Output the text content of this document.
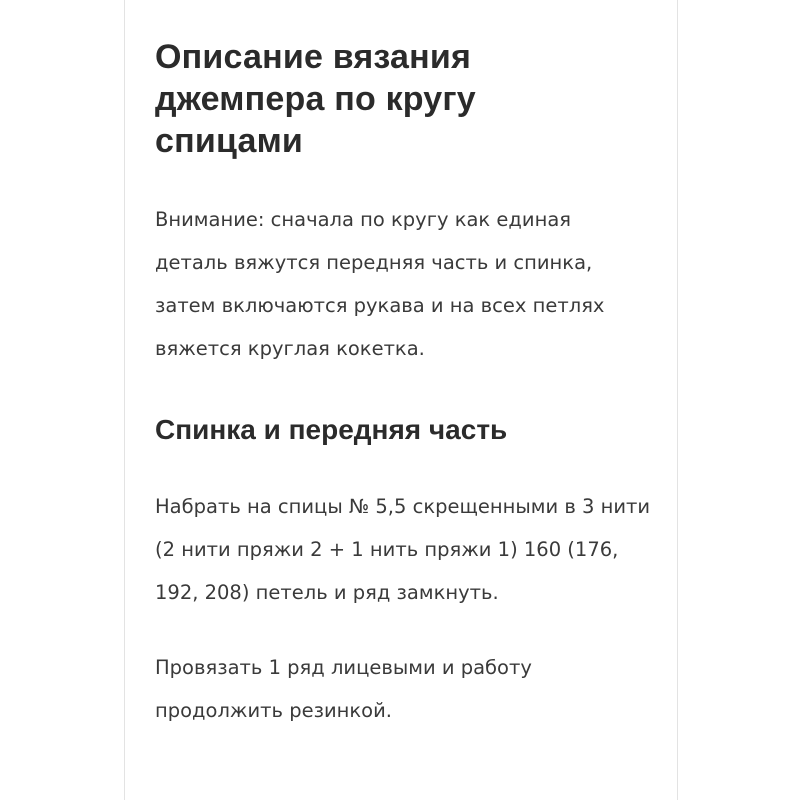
Описание вязания джемпера по кругу спицами

Внимание: сначала по кругу как единая деталь вяжутся передняя часть и спинка, затем включаются рукава и на всех петлях вяжется круглая кокетка.

Спинка и передняя часть

Набрать на спицы № 5,5 скрещенными в 3 нити (2 нити пряжи 2 + 1 нить пряжи 1) 160 (176, 192, 208) петель и ряд замкнуть.

Провязать 1 ряд лицевыми и работу продолжить резинкой.
